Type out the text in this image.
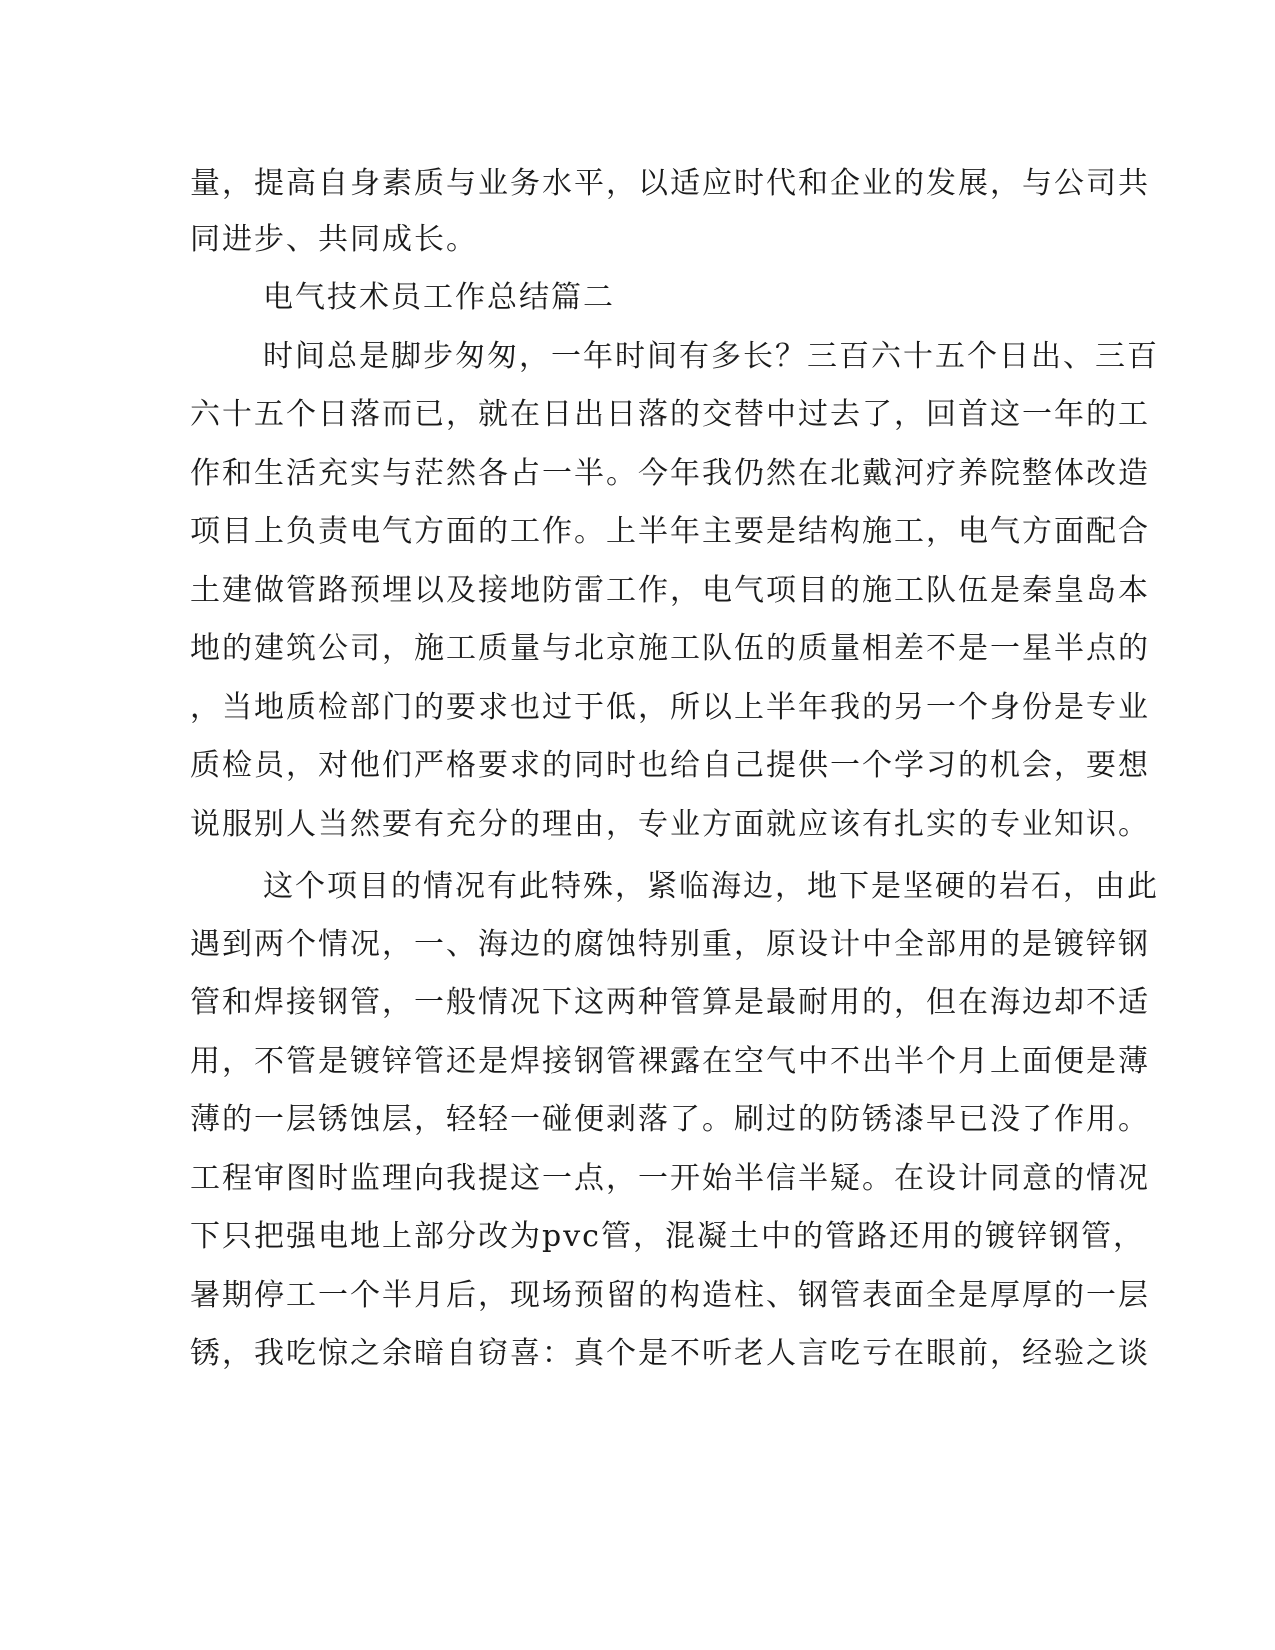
量，提高自身素质与业务水平，以适应时代和企业的发展，与公司共
同进步、共同成长。
电气技术员工作总结篇二
时间总是脚步匆匆，一年时间有多长？三百六十五个日出、三百
六十五个日落而已，就在日出日落的交替中过去了，回首这一年的工
作和生活充实与茫然各占一半。今年我仍然在北戴河疗养院整体改造
项目上负责电气方面的工作。上半年主要是结构施工，电气方面配合
土建做管路预埋以及接地防雷工作，电气项目的施工队伍是秦皇岛本
地的建筑公司，施工质量与北京施工队伍的质量相差不是一星半点的
，当地质检部门的要求也过于低，所以上半年我的另一个身份是专业
质检员，对他们严格要求的同时也给自己提供一个学习的机会，要想
说服别人当然要有充分的理由，专业方面就应该有扎实的专业知识。
这个项目的情况有此特殊，紧临海边，地下是坚硬的岩石，由此
遇到两个情况，一、海边的腐蚀特别重，原设计中全部用的是镀锌钢
管和焊接钢管，一般情况下这两种管算是最耐用的，但在海边却不适
用，不管是镀锌管还是焊接钢管裸露在空气中不出半个月上面便是薄
薄的一层锈蚀层，轻轻一碰便剥落了。刷过的防锈漆早已没了作用。
工程审图时监理向我提这一点，一开始半信半疑。在设计同意的情况
下只把强电地上部分改为pvc管，混凝土中的管路还用的镀锌钢管，
暑期停工一个半月后，现场预留的构造柱、钢管表面全是厚厚的一层
锈，我吃惊之余暗自窃喜：真个是不听老人言吃亏在眼前，经验之谈
